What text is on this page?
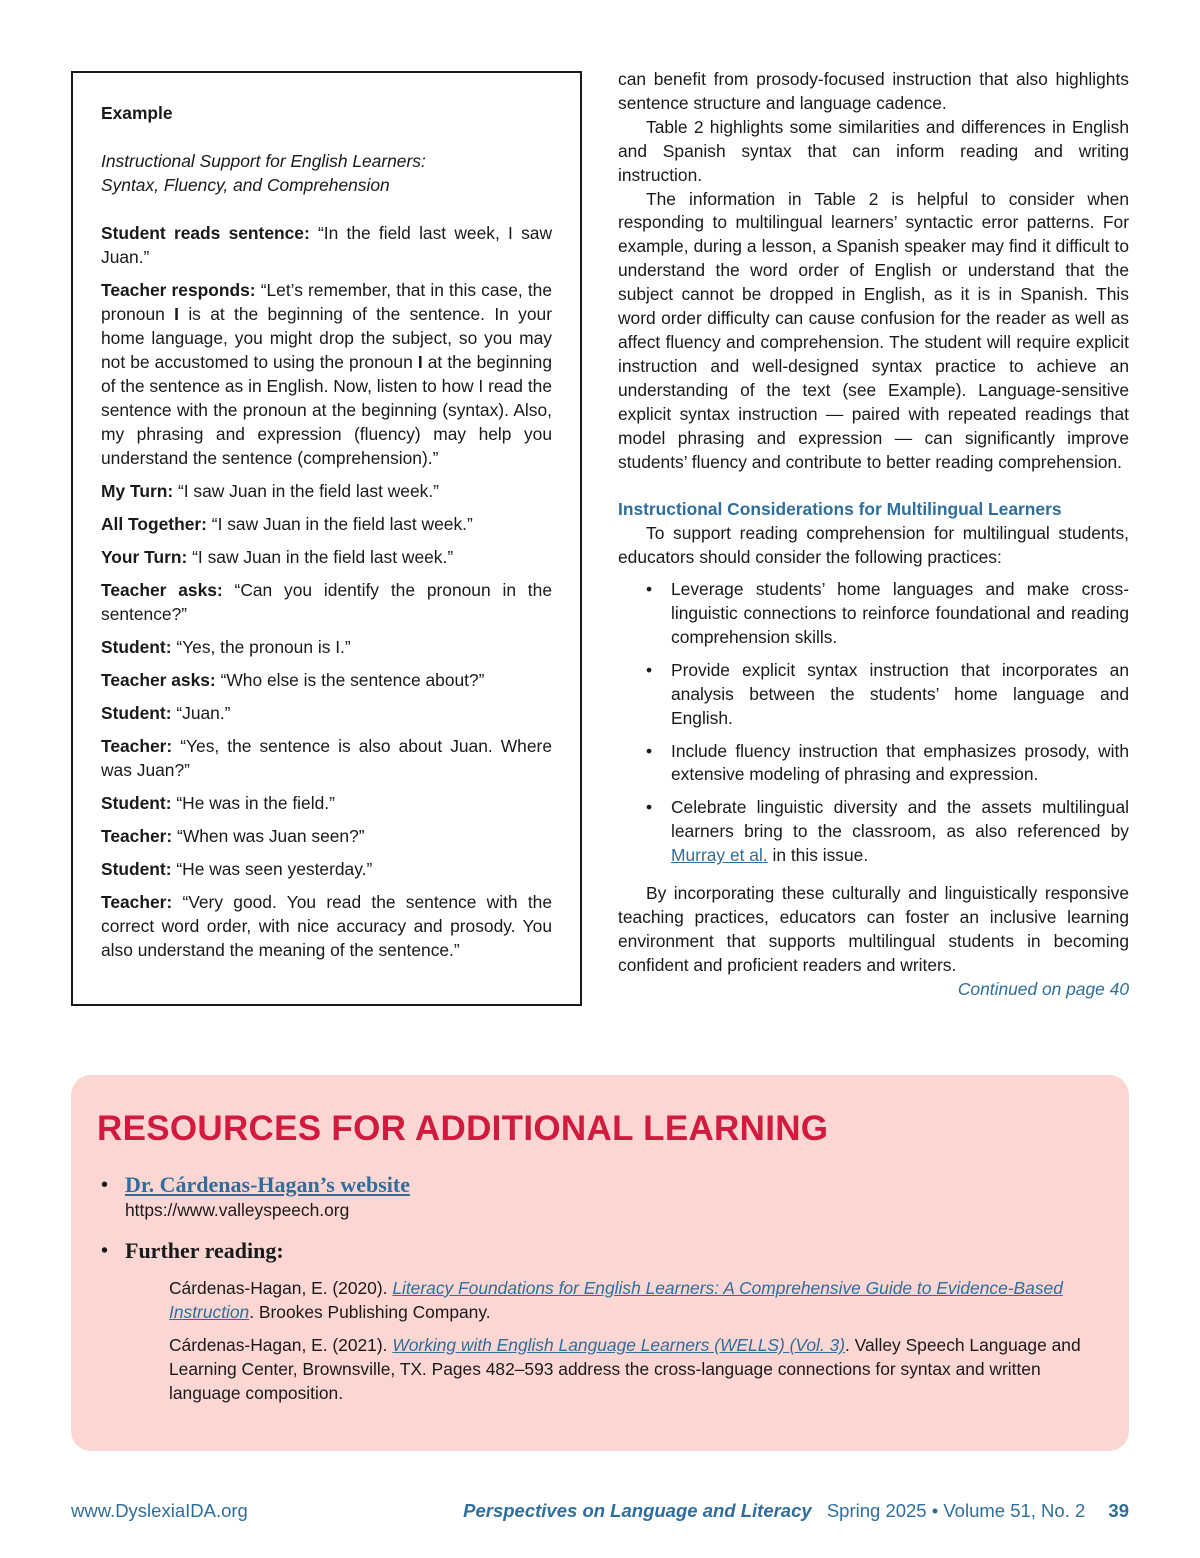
Example
Instructional Support for English Learners:
Syntax, Fluency, and Comprehension

Student reads sentence: “In the field last week, I saw Juan.”

Teacher responds: “Let’s remember, that in this case, the pronoun I is at the beginning of the sentence. In your home language, you might drop the subject, so you may not be accustomed to using the pronoun I at the beginning of the sentence as in English. Now, listen to how I read the sentence with the pronoun at the beginning (syntax). Also, my phrasing and expression (fluency) may help you understand the sentence (comprehension).”

My Turn: “I saw Juan in the field last week.”

All Together: “I saw Juan in the field last week.”

Your Turn: “I saw Juan in the field last week.”

Teacher asks: “Can you identify the pronoun in the sentence?”

Student: “Yes, the pronoun is I.”

Teacher asks: “Who else is the sentence about?”

Student: “Juan.”

Teacher: “Yes, the sentence is also about Juan. Where was Juan?”

Student: “He was in the field.”

Teacher: “When was Juan seen?”

Student: “He was seen yesterday.”

Teacher: “Very good. You read the sentence with the correct word order, with nice accuracy and prosody. You also understand the meaning of the sentence.”

can benefit from prosody-focused instruction that also highlights sentence structure and language cadence.

Table 2 highlights some similarities and differences in English and Spanish syntax that can inform reading and writing instruction.

The information in Table 2 is helpful to consider when responding to multilingual learners’ syntactic error patterns. For example, during a lesson, a Spanish speaker may find it difficult to understand the word order of English or understand that the subject cannot be dropped in English, as it is in Spanish. This word order difficulty can cause confusion for the reader as well as affect fluency and comprehension. The student will require explicit instruction and well-designed syntax practice to achieve an understanding of the text (see Example). Language-sensitive explicit syntax instruction — paired with repeated readings that model phrasing and expression — can significantly improve students’ fluency and contribute to better reading comprehension.

Instructional Considerations for Multilingual Learners

To support reading comprehension for multilingual students, educators should consider the following practices:

• Leverage students’ home languages and make cross-linguistic connections to reinforce foundational and reading comprehension skills.
• Provide explicit syntax instruction that incorporates an analysis between the students’ home language and English.
• Include fluency instruction that emphasizes prosody, with extensive modeling of phrasing and expression.
• Celebrate linguistic diversity and the assets multilingual learners bring to the classroom, as also referenced by Murray et al. in this issue.

By incorporating these culturally and linguistically responsive teaching practices, educators can foster an inclusive learning environment that supports multilingual students in becoming confident and proficient readers and writers.

Continued on page 40

RESOURCES FOR ADDITIONAL LEARNING
• Dr. Cárdenas-Hagan’s website
https://www.valleyspeech.org
• Further reading:

Cárdenas-Hagan, E. (2020). Literacy Foundations for English Learners: A Comprehensive Guide to Evidence-Based Instruction. Brookes Publishing Company.

Cárdenas-Hagan, E. (2021). Working with English Language Learners (WELLS) (Vol. 3). Valley Speech Language and Learning Center, Brownsville, TX. Pages 482–593 address the cross-language connections for syntax and written language composition.

www.DyslexiaIDA.org	Perspectives on Language and Literacy Spring 2025 • Volume 51, No. 2 39
